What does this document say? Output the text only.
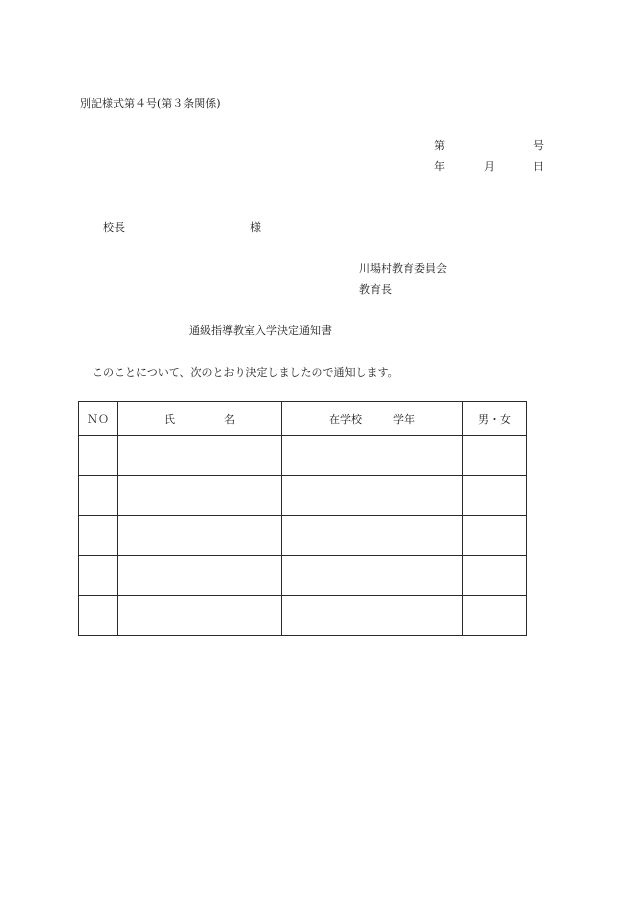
別記様式第４号(第３条関係)
第	号
年	月	日
校長	様
川場村教育委員会
教育長
通級指導教室入学決定通知書
このことについて、次のとおり決定しましたので通知します。
ＮＯ	氏 名	在学校 学年	男・女
